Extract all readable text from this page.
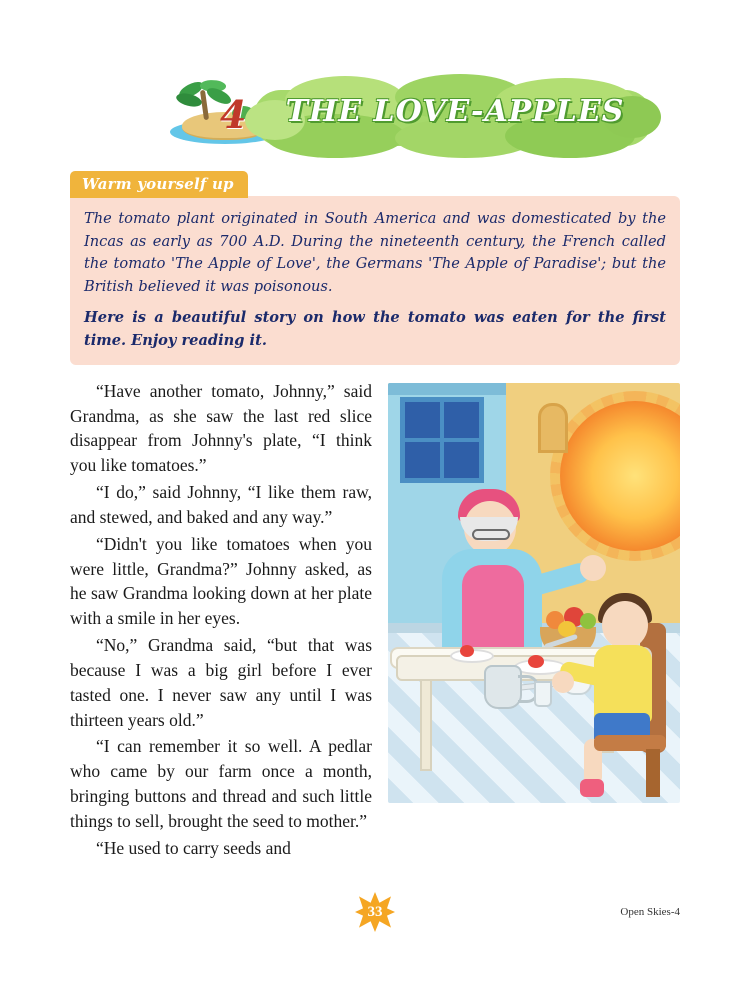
4	THE LOVE-APPLES
Warm yourself up

The tomato plant originated in South America and was domesticated by the Incas as early as 700 A.D. During the nineteenth century, the French called the tomato 'The Apple of Love', the Germans 'The Apple of Paradise'; but the British believed it was poisonous.

Here is a beautiful story on how the tomato was eaten for the first time. Enjoy reading it.

“Have another tomato, Johnny,” said Grandma, as she saw the last red slice disappear from Johnny's plate, “I think you like tomatoes.”

“I do,” said Johnny, “I like them raw, and stewed, and baked and any way.”

“Didn't you like tomatoes when you were little, Grandma?” Johnny asked, as he saw Grandma looking down at her plate with a smile in her eyes.

“No,” Grandma said, “but that was because I was a big girl before I ever tasted one. I never saw any until I was thirteen years old.”

“I can remember it so well. A pedlar who came by our farm once a month, bringing buttons and thread and such little things to sell, brought the seed to mother.”

“He used to carry seeds and

33	Open Skies-4
